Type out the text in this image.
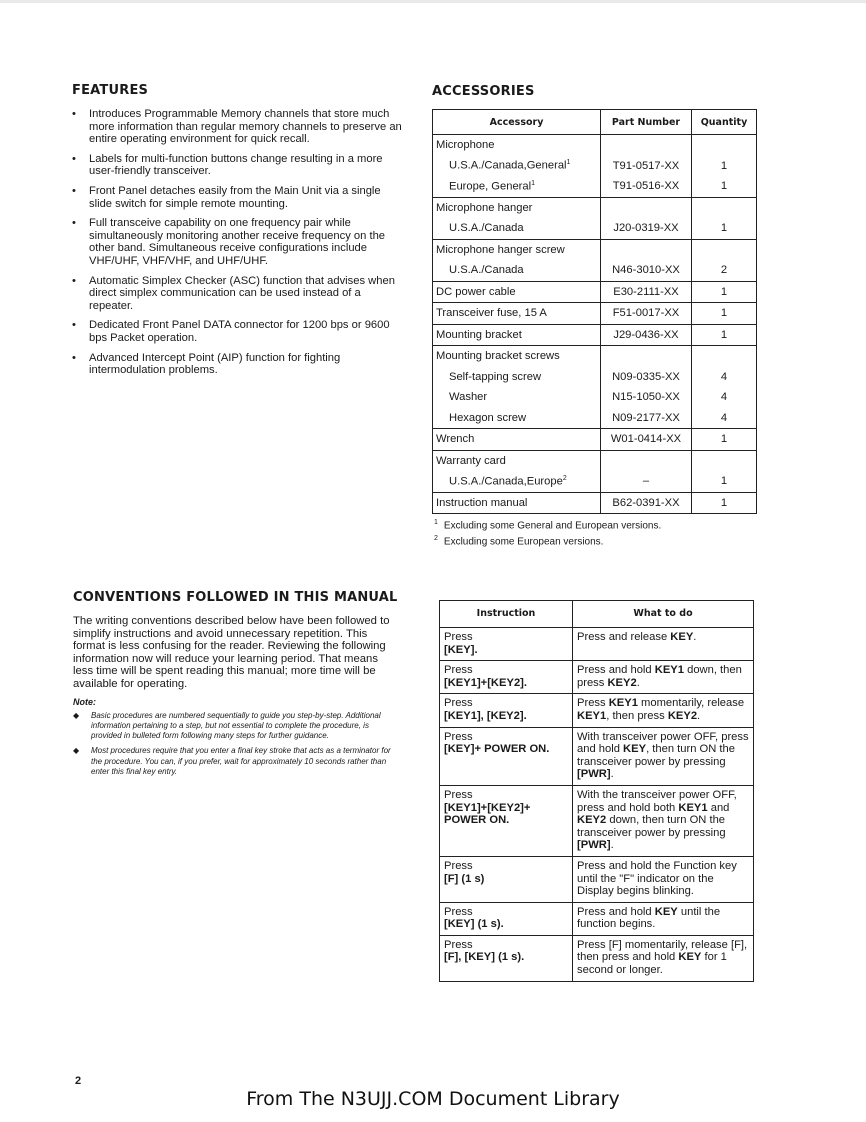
FEATURES
• Introduces Programmable Memory channels that store much more information than regular memory channels to preserve an entire operating environment for quick recall.
• Labels for multi-function buttons change resulting in a more user-friendly transceiver.
• Front Panel detaches easily from the Main Unit via a single slide switch for simple remote mounting.
• Full transceive capability on one frequency pair while simultaneously monitoring another receive frequency on the other band. Simultaneous receive configurations include VHF/UHF, VHF/VHF, and UHF/UHF.
• Automatic Simplex Checker (ASC) function that advises when direct simplex communication can be used instead of a repeater.
• Dedicated Front Panel DATA connector for 1200 bps or 9600 bps Packet operation.
• Advanced Intercept Point (AIP) function for fighting intermodulation problems.
ACCESSORIES
Accessory	Part Number	Quantity
Microphone		
U.S.A./Canada,General$^1$	T91-0517-XX	1
Europe, General$^1$	T91-0516-XX	1
Microphone hanger		
U.S.A./Canada	J20-0319-XX	1
Microphone hanger screw		
U.S.A./Canada	N46-3010-XX	2
DC power cable	E30-2111-XX	1
Transceiver fuse, 15 A	F51-0017-XX	1
Mounting bracket	J29-0436-XX	1
Mounting bracket screws		
Self-tapping screw	N09-0335-XX	4
Washer	N15-1050-XX	4
Hexagon screw	N09-2177-XX	4
Wrench	W01-0414-XX	1
Warranty card		
U.S.A./Canada,Europe$^2$	–	1
Instruction manual	B62-0391-XX	1
$^1$ Excluding some General and European versions.
$^2$ Excluding some European versions.
CONVENTIONS FOLLOWED IN THIS MANUAL
The writing conventions described below have been followed to simplify instructions and avoid unnecessary repetition. This format is less confusing for the reader. Reviewing the following information now will reduce your learning period. That means less time will be spent reading this manual; more time will be available for operating.
Note:
◆ Basic procedures are numbered sequentially to guide you step-by-step. Additional information pertaining to a step, but not essential to complete the procedure, is provided in bulleted form following many steps for further guidance.
◆ Most procedures require that you enter a final key stroke that acts as a terminator for the procedure. You can, if you prefer, wait for approximately 10 seconds rather than enter this final key entry.
Instruction	What to do

Press
[KEY].	Press and release KEY.

Press
[KEY1]+[KEY2].	Press and hold KEY1 down, then press KEY2.

Press
[KEY1], [KEY2].	Press KEY1 momentarily, release KEY1, then press KEY2.

Press
[KEY]+ POWER ON.	With transceiver power OFF, press and hold KEY, then turn ON the transceiver power by pressing [PWR].

Press
[KEY1]+[KEY2]+ POWER ON.	With the transceiver power OFF, press and hold both KEY1 and KEY2 down, then turn ON the transceiver power by pressing [PWR].

Press
[F] (1 s)	Press and hold the Function key until the "F" indicator on the Display begins blinking.

Press
[KEY] (1 s).	Press and hold KEY until the function begins.

Press
[F], [KEY] (1 s).	Press [F] momentarily, release [F], then press and hold KEY for 1 second or longer.
2
From The N3UJJ.COM Document Library
